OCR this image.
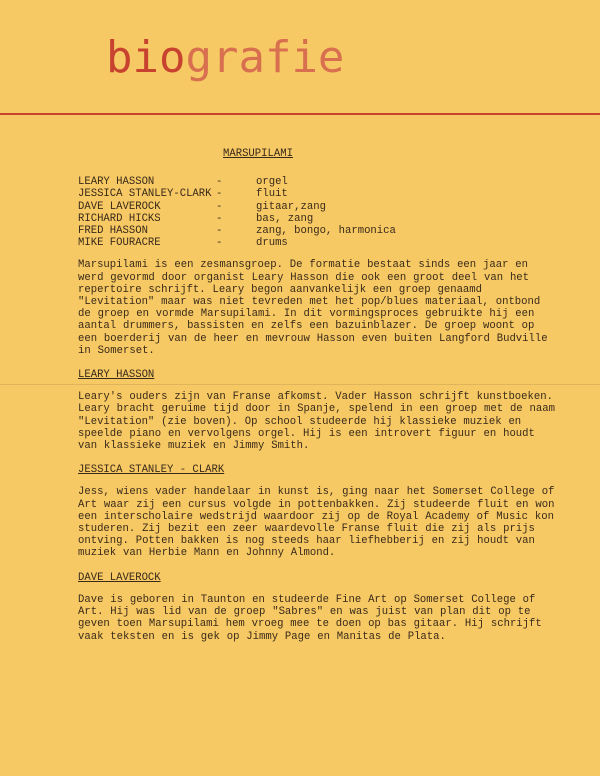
biografie
MARSUPILAMI
LEARY HASSON	-	orgel
JESSICA STANLEY-CLARK -	fluit
DAVE LAVEROCK	-	gitaar,zang
RICHARD HICKS	-	bas, zang
FRED HASSON	-	zang, bongo, harmonica
MIKE FOURACRE	-	drums

Marsupilami is een zesmansgroep. De formatie bestaat sinds een jaar en werd gevormd door organist Leary Hasson die ook een groot deel van het repertoire schrijft. Leary begon aanvankelijk een groep genaamd "Levitation" maar was niet tevreden met het pop/blues materiaal, ontbond de groep en vormde Marsupilami. In dit vormingsproces gebruikte hij een aantal drummers, bassisten en zelfs een bazuinblazer. De groep woont op een boerderij van de heer en mevrouw Hasson even buiten Langford Budville in Somerset.

LEARY HASSON

Leary's ouders zijn van Franse afkomst. Vader Hasson schrijft kunstboeken. Leary bracht geruime tijd door in Spanje, spelend in een groep met de naam "Levitation" (zie boven). Op school studeerde hij klassieke muziek en speelde piano en vervolgens orgel. Hij is een introvert figuur en houdt van klassieke muziek en Jimmy Smith.

JESSICA STANLEY - CLARK

Jess, wiens vader handelaar in kunst is, ging naar het Somerset College of Art waar zij een cursus volgde in pottenbakken. Zij studeerde fluit en won een interscholaire wedstrijd waardoor zij op de Royal Academy of Music kon studeren. Zij bezit een zeer waardevolle Franse fluit die zij als prijs ontving. Potten bakken is nog steeds haar liefhebberij en zij houdt van muziek van Herbie Mann en Johnny Almond.

DAVE LAVEROCK

Dave is geboren in Taunton en studeerde Fine Art op Somerset College of Art. Hij was lid van de groep "Sabres" en was juist van plan dit op te geven toen Marsupilami hem vroeg mee te doen op bas gitaar. Hij schrijft vaak teksten en is gek op Jimmy Page en Manitas de Plata.
